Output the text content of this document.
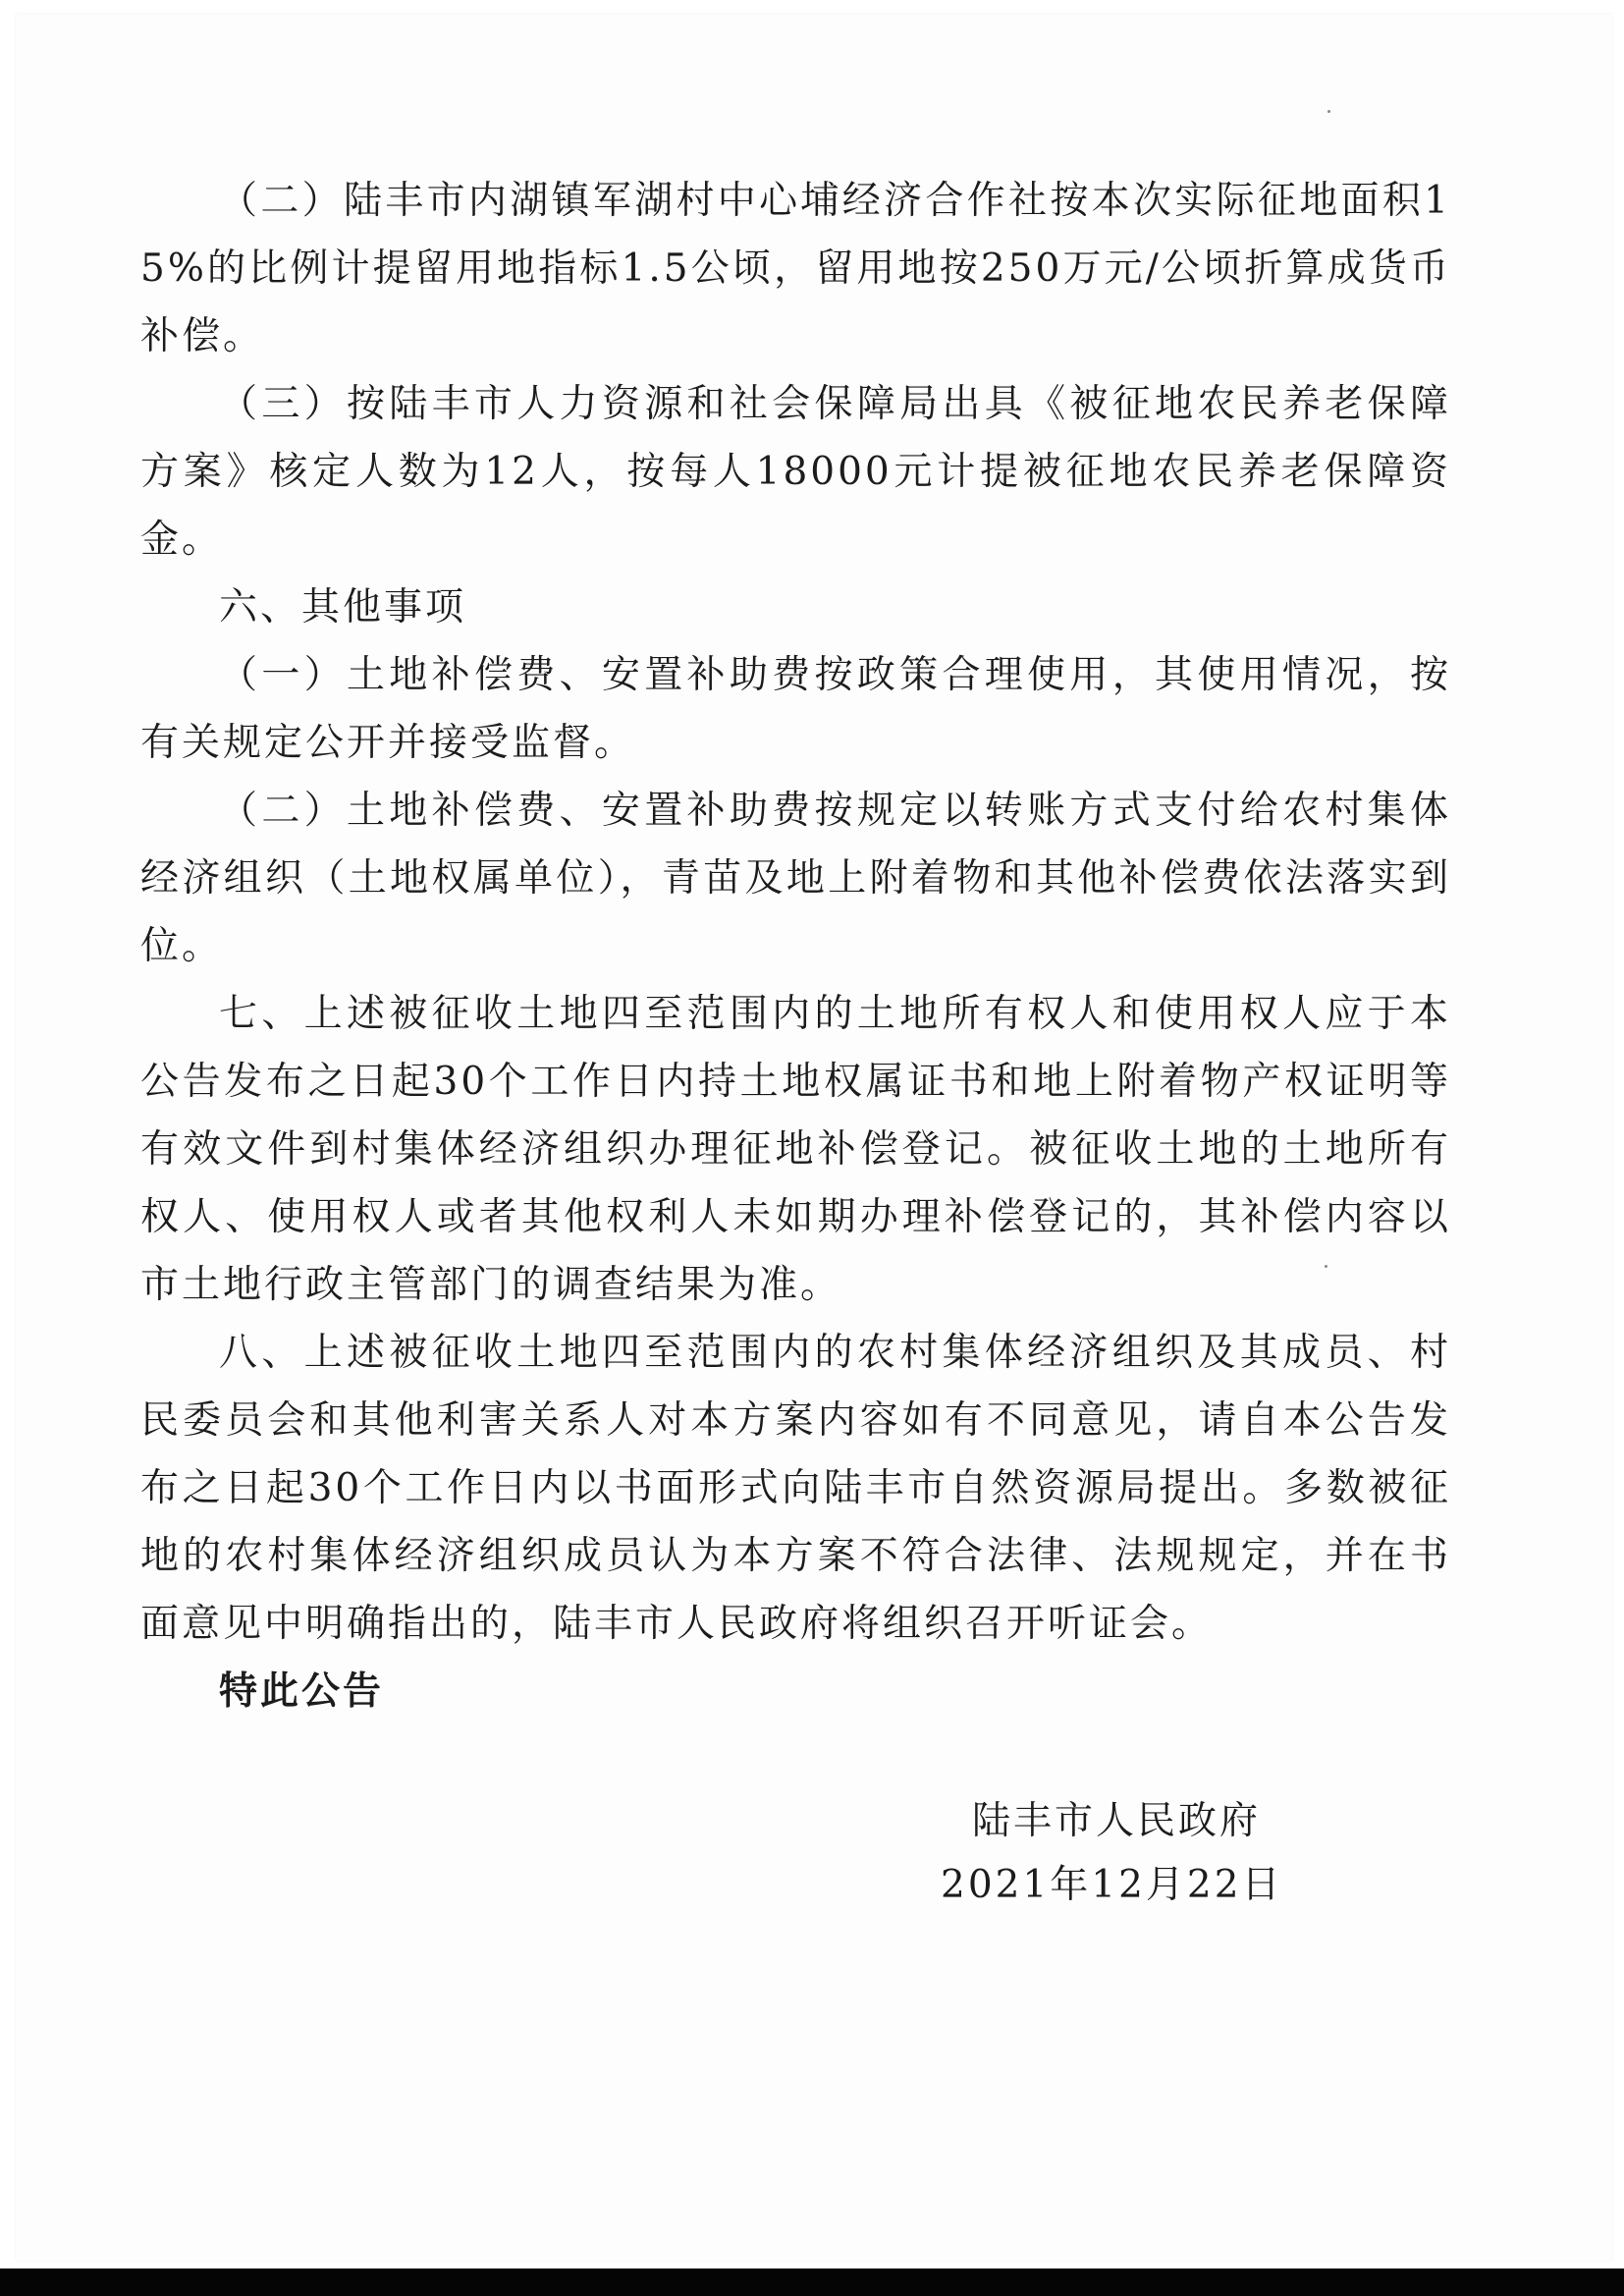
（二）陆丰市内湖镇军湖村中心埔经济合作社按本次实际征地面积15%的比例计提留用地指标1.5公顷，留用地按250万元/公顷折算成货币补偿。

（三）按陆丰市人力资源和社会保障局出具《被征地农民养老保障方案》核定人数为12人，按每人18000元计提被征地农民养老保障资金。

六、其他事项

（一）土地补偿费、安置补助费按政策合理使用，其使用情况，按有关规定公开并接受监督。

（二）土地补偿费、安置补助费按规定以转账方式支付给农村集体经济组织（土地权属单位），青苗及地上附着物和其他补偿费依法落实到位。

七、上述被征收土地四至范围内的土地所有权人和使用权人应于本公告发布之日起30个工作日内持土地权属证书和地上附着物产权证明等有效文件到村集体经济组织办理征地补偿登记。被征收土地的土地所有权人、使用权人或者其他权利人未如期办理补偿登记的，其补偿内容以市土地行政主管部门的调查结果为准。

八、上述被征收土地四至范围内的农村集体经济组织及其成员、村民委员会和其他利害关系人对本方案内容如有不同意见，请自本公告发布之日起30个工作日内以书面形式向陆丰市自然资源局提出。多数被征地的农村集体经济组织成员认为本方案不符合法律、法规规定，并在书面意见中明确指出的，陆丰市人民政府将组织召开听证会。

特此公告

陆丰市人民政府

2021年12月22日
